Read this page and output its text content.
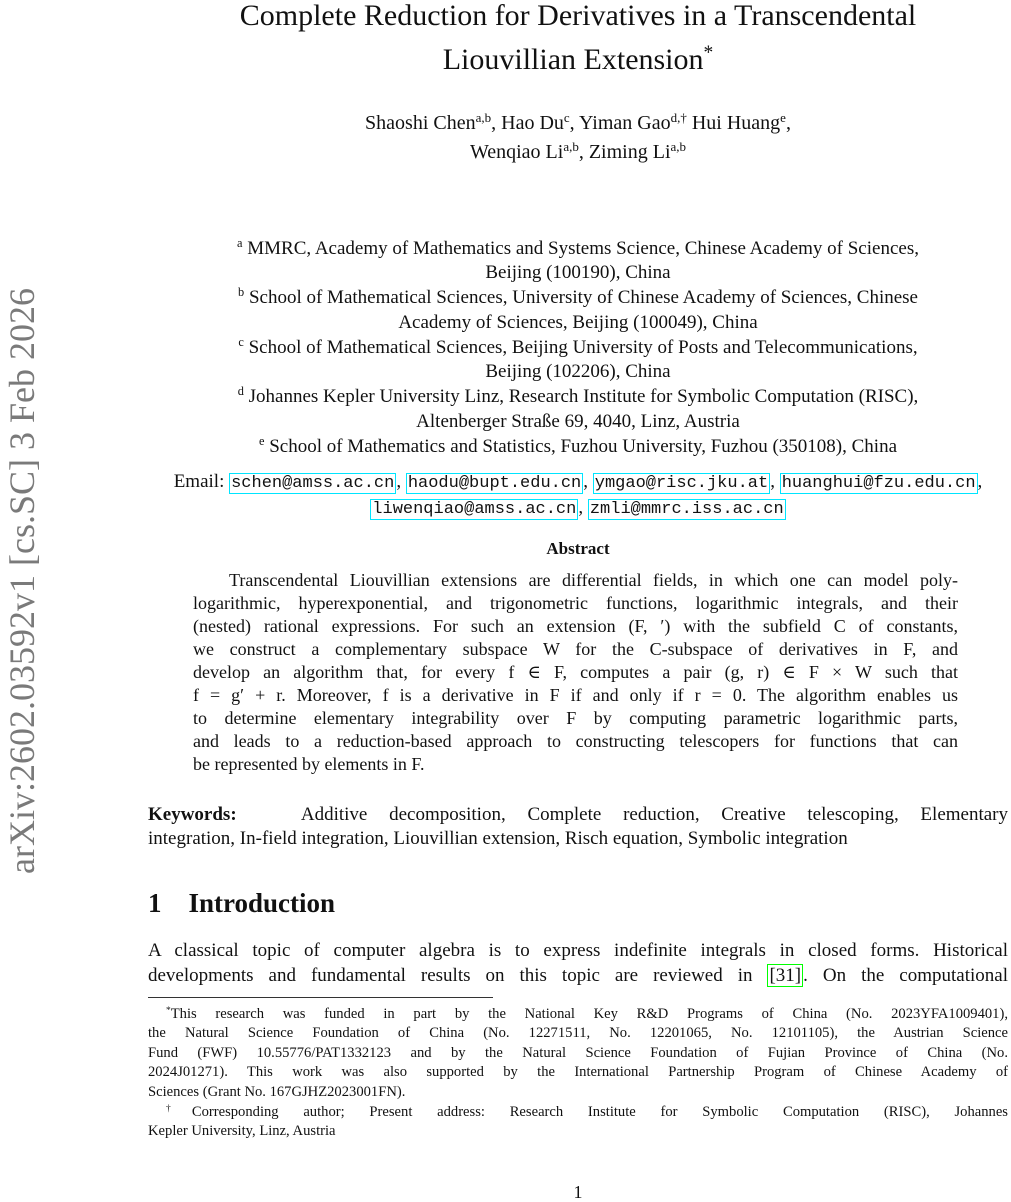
arXiv:2602.03592v1 [cs.SC] 3 Feb 2026
Complete Reduction for Derivatives in a Transcendental
Liouvillian Extension*
Shaoshi Chen$^{a,b}$, Hao Du$^c$, Yiman Gao$^{d,\dagger}$ Hui Huang$^e$,
Wenqiao Li$^{a,b}$, Ziming Li$^{a,b}$
$^a$ MMRC, Academy of Mathematics and Systems Science, Chinese Academy of Sciences,
Beijing (100190), China
$^b$ School of Mathematical Sciences, University of Chinese Academy of Sciences, Chinese
Academy of Sciences, Beijing (100049), China
$^c$ School of Mathematical Sciences, Beijing University of Posts and Telecommunications,
Beijing (102206), China
$^d$ Johannes Kepler University Linz, Research Institute for Symbolic Computation (RISC),
Altenberger Straße 69, 4040, Linz, Austria
$^e$ School of Mathematics and Statistics, Fuzhou University, Fuzhou (350108), China
Email: schen@amss.ac.cn , haodu@bupt.edu.cn , ymgao@risc.jku.at , huanghui@fzu.edu.cn ,
liwenqiao@amss.ac.cn , zmli@mmrc.iss.ac.cn
Abstract
Transcendental Liouvillian extensions are differential fields, in which one can model poly-
logarithmic, hyperexponential, and trigonometric functions, logarithmic integrals, and their
(nested) rational expressions. For such an extension (F, ′) with the subfield C of constants,
we construct a complementary subspace W for the C-subspace of derivatives in F, and
develop an algorithm that, for every f ∈ F, computes a pair (g, r) ∈ F × W such that
f = g′ + r. Moreover, f is a derivative in F if and only if r = 0. The algorithm enables us
to determine elementary integrability over F by computing parametric logarithmic parts,
and leads to a reduction-based approach to constructing telescopers for functions that can
be represented by elements in F.
Keywords:	Additive decomposition, Complete reduction, Creative telescoping, Elementary
integration, In-field integration, Liouvillian extension, Risch equation, Symbolic integration
1 Introduction
A classical topic of computer algebra is to express indefinite integrals in closed forms. Historical
developments and fundamental results on this topic are reviewed in [31] . On the computational
*This research was funded in part by the National Key R&D Programs of China (No. 2023YFA1009401),
the Natural Science Foundation of China (No. 12271511, No. 12201065, No. 12101105), the Austrian Science
Fund (FWF) 10.55776/PAT1332123 and by the Natural Science Foundation of Fujian Province of China (No.
2024J01271). This work was also supported by the International Partnership Program of Chinese Academy of
Sciences (Grant No. 167GJHZ2023001FN).
†Corresponding author; Present address: Research Institute for Symbolic Computation (RISC), Johannes
Kepler University, Linz, Austria
1
